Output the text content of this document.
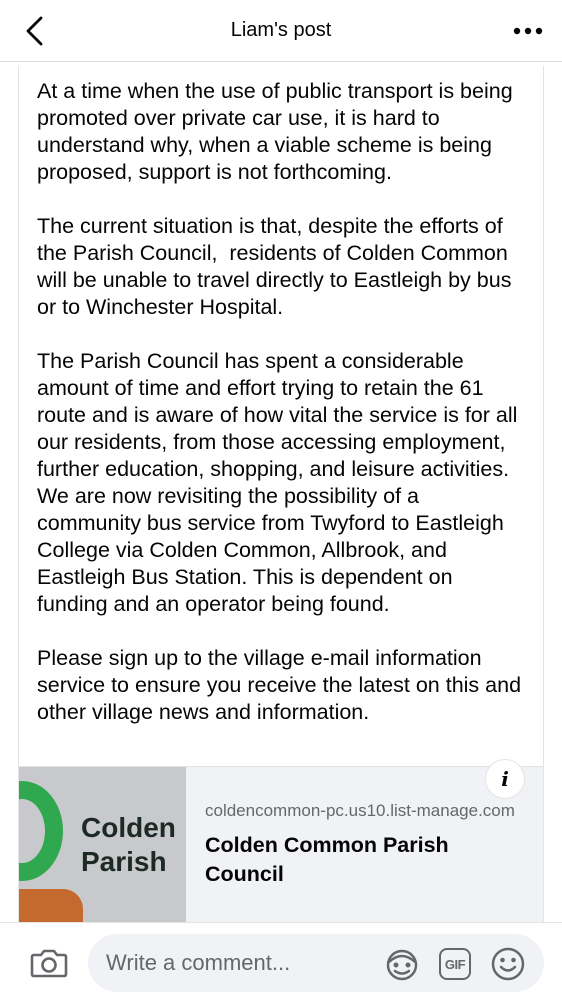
Liam's post

At a time when the use of public transport is being promoted over private car use, it is hard to understand why, when a viable scheme is being proposed, support is not forthcoming.

The current situation is that, despite the efforts of the Parish Council,  residents of Colden Common will be unable to travel directly to Eastleigh by bus or to Winchester Hospital.

The Parish Council has spent a considerable amount of time and effort trying to retain the 61 route and is aware of how vital the service is for all our residents, from those accessing employment, further education, shopping, and leisure activities.  We are now revisiting the possibility of a community bus service from Twyford to Eastleigh College via Colden Common, Allbrook, and Eastleigh Bus Station. This is dependent on funding and an operator being found.

Please sign up to the village e-mail information service to ensure you receive the latest on this and other village news and information.

Colden
Parish
i
coldencommon-pc.us10.list-manage.com
Colden Common Parish
Council
Write a comment...
GIF
